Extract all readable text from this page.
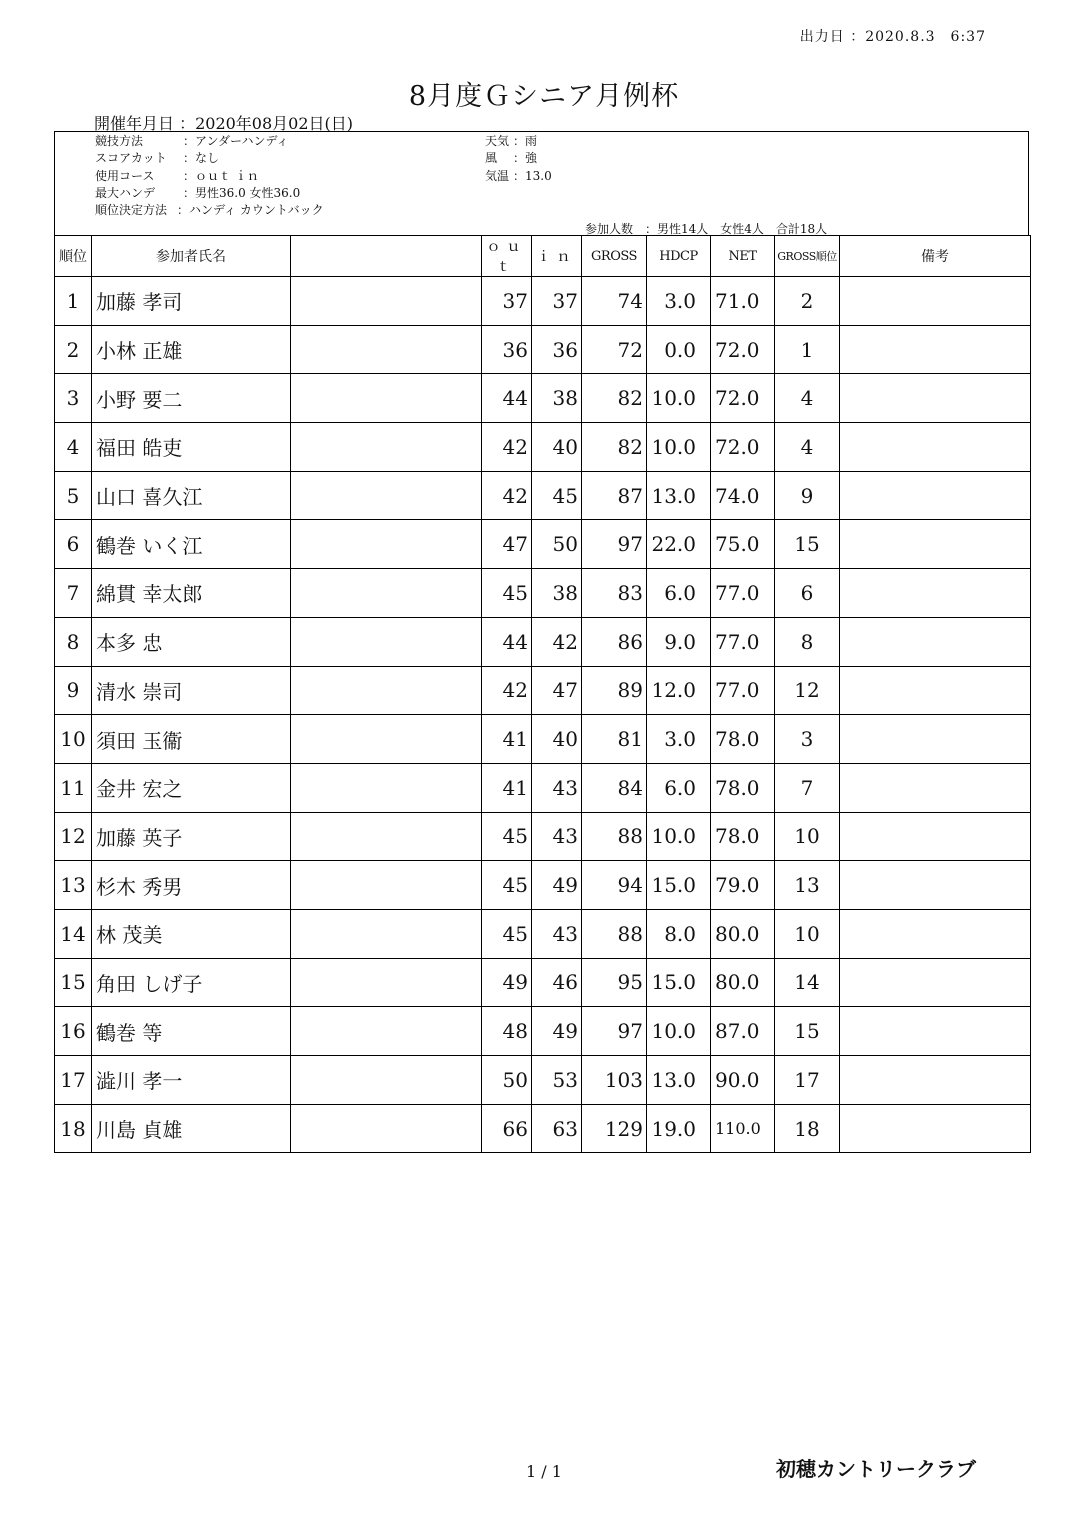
出力日 ：2020.8.3　6:37
8月度Ｇシニア月例杯
開催年月日 ：2020年08月02日(日)
競技方法	：アンダーハンディ
スコアカット ：なし
使用コース ：ｏｕｔ ｉｎ
最大ハンデ ：男性36.0 女性36.0
順位決定方法 ：ハンディ カウントバック
天気 ：雨
風 ：強
気温 ：13.0
参加人数　：男性14人　女性4人　合計18人
順位	参加者氏名		ｏｕｔ	ｉｎ	GROSS	HDCP	NET	GROSS順位	備考
1	加藤 孝司		37	37	74	3.0	71.0	2	
2	小林 正雄		36	36	72	0.0	72.0	1	
3	小野 要二		44	38	82	10.0	72.0	4	
4	福田 皓吏		42	40	82	10.0	72.0	4	
5	山口 喜久江		42	45	87	13.0	74.0	9	
6	鶴巻 いく江		47	50	97	22.0	75.0	15	
7	綿貫 幸太郎		45	38	83	6.0	77.0	6	
8	本多 忠		44	42	86	9.0	77.0	8	
9	清水 崇司		42	47	89	12.0	77.0	12	
10	須田 玉衞		41	40	81	3.0	78.0	3	
11	金井 宏之		41	43	84	6.0	78.0	7	
12	加藤 英子		45	43	88	10.0	78.0	10	
13	杉木 秀男		45	49	94	15.0	79.0	13	
14	林 茂美		45	43	88	8.0	80.0	10	
15	角田 しげ子		49	46	95	15.0	80.0	14	
16	鶴巻 等		48	49	97	10.0	87.0	15	
17	澁川 孝一		50	53	103	13.0	90.0	17	
18	川島 貞雄		66	63	129	19.0	110.0	18	
1 / 1	初穂カントリークラブ
